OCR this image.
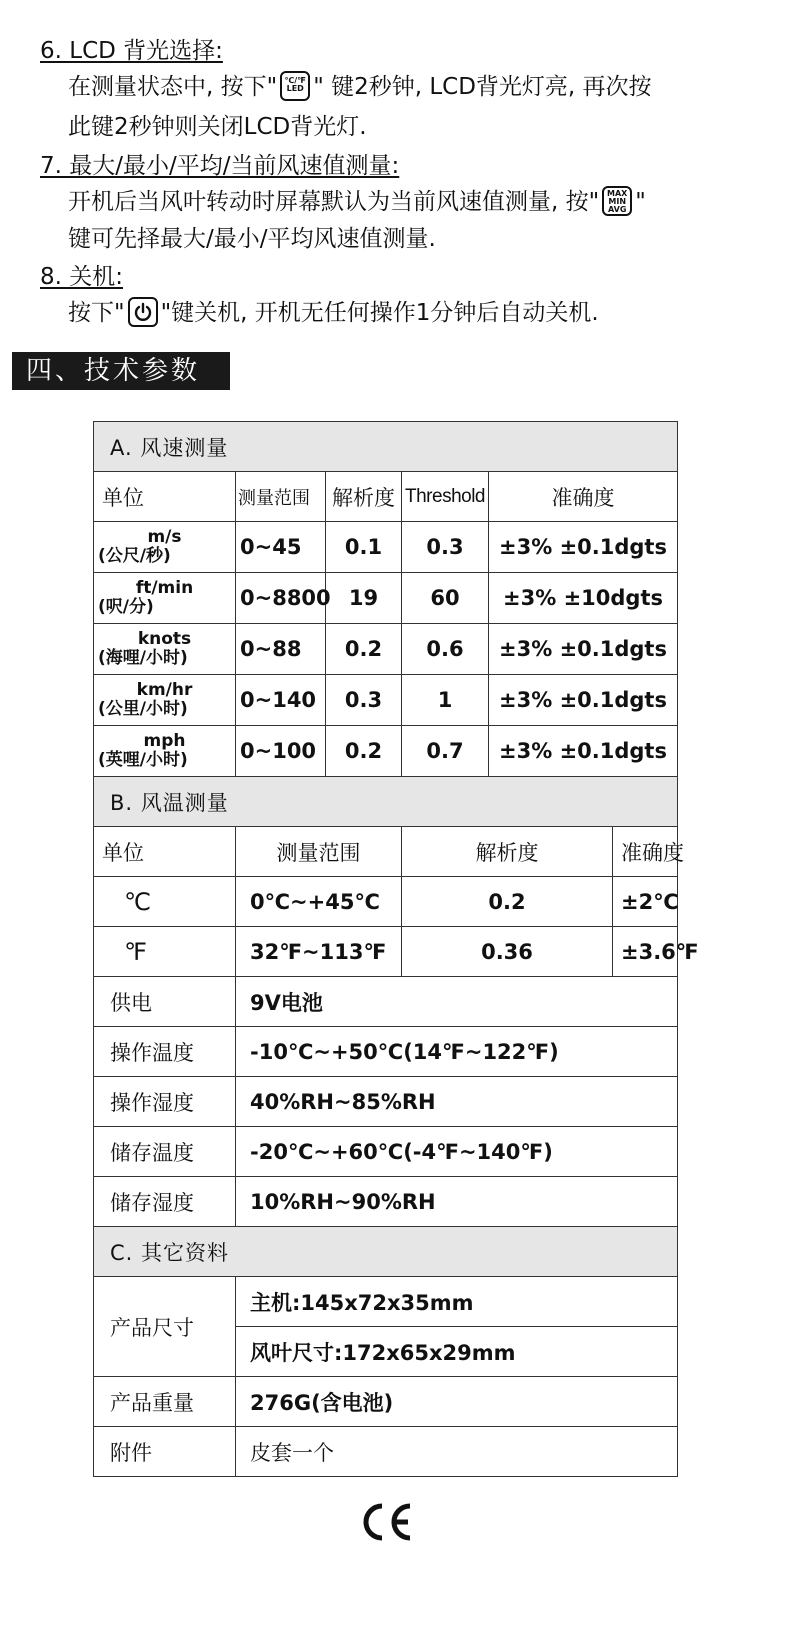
6. LCD 背光选择:
在测量状态中, 按下" ℃/℉
LED " 键2秒钟, LCD背光灯亮, 再次按
此键2秒钟则关闭LCD背光灯.
7. 最大/最小/平均/当前风速值测量:
开机后当风叶转动时屏幕默认为当前风速值测量, 按" MAX
MIN
AVG "
键可先择最大/最小/平均风速值测量.
8. 关机:
按下" "键关机, 开机无任何操作1分钟后自动关机.
四、技术参数
A. 风速测量					
单位	测量范围	解析度	Threshold	准确度	

m/s
(公尺/秒)	0~45	0.1	0.3	±3% ±0.1dgts	

ft/min
(呎/分)	0~8800	19	60	±3% ±10dgts	

knots
(海哩/小时)	0~88	0.2	0.6	±3% ±0.1dgts	

km/hr
(公里/小时)	0~140	0.3	1	±3% ±0.1dgts	

mph
(英哩/小时)	0~100	0.2	0.7	±3% ±0.1dgts	
B. 风温测量					
单位	测量范围		解析度		准确度
℃	0℃~+45℃		0.2		±2℃
℉	32℉~113℉		0.36		±3.6℉
供电	9V电池				
操作温度	-10℃~+50℃(14℉~122℉)				
操作湿度	40%RH~85%RH				
储存温度	-20℃~+60℃(-4℉~140℉)				
储存湿度	10%RH~90%RH				
C. 其它资料					
产品尺寸	主机:145x72x35mm				
	风叶尺寸:172x65x29mm				
产品重量	276G(含电池)				
附件	皮套一个				
